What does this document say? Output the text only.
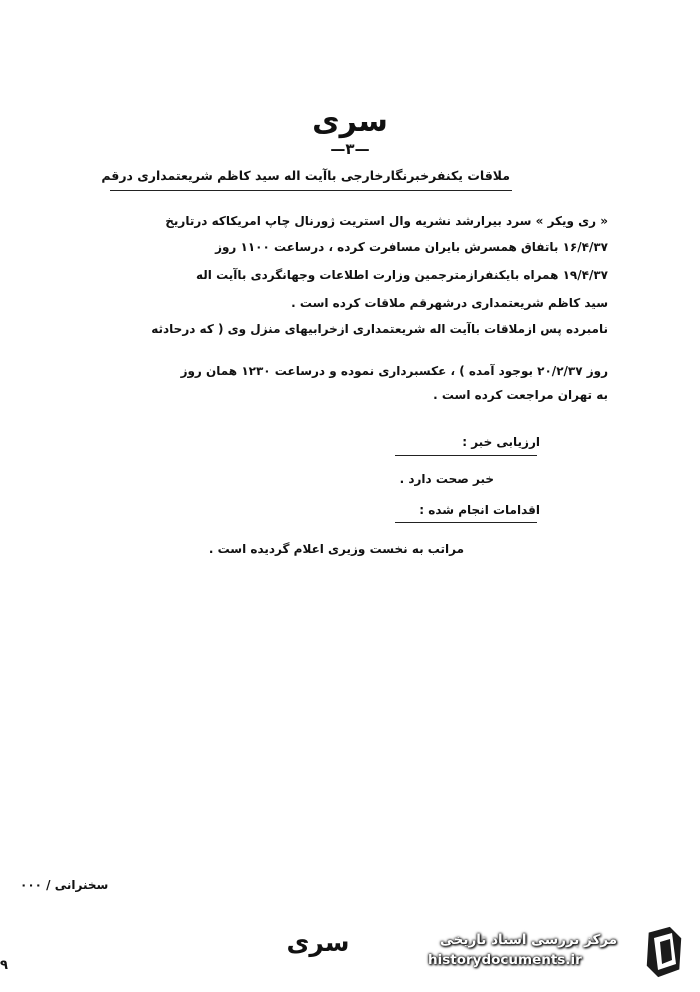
سری
—۳—
ملاقات یکنفرخبرنگارخارجی باآیت اله سید کاظم شریعتمداری درقم
« ری ویکر » سرد بیرارشد نشریه وال استریت ژورنال چاپ امریکاکه درتاریخ
۱۶/۴/۳۷ باتفاق همسرش بایران مسافرت کرده ، درساعت ۱۱۰۰ روز
۱۹/۴/۳۷ همراه بایکنفرازمترجمین وزارت اطلاعات وجهانگردی باآیت اله
سید کاظم شریعتمداری درشهرقم ملاقات کرده است .
نامبرده پس ازملاقات باآیت اله شریعتمداری ازخرابیهای منزل وی ( که درحادثه
روز ۲۰/۲/۳۷ بوجود آمده ) ، عکسبرداری نموده و درساعت ۱۲۳۰ همان روز
به تهران مراجعت کرده است .
ارزیابی خبر :
خبر صحت دارد .
اقدامات انجام شده :
مراتب به نخست وزیری اعلام گردیده است .
سخنرانی / ۰۰۰
سری
۹
مرکز بررسی اسناد تاریخی
historydocuments.ir
